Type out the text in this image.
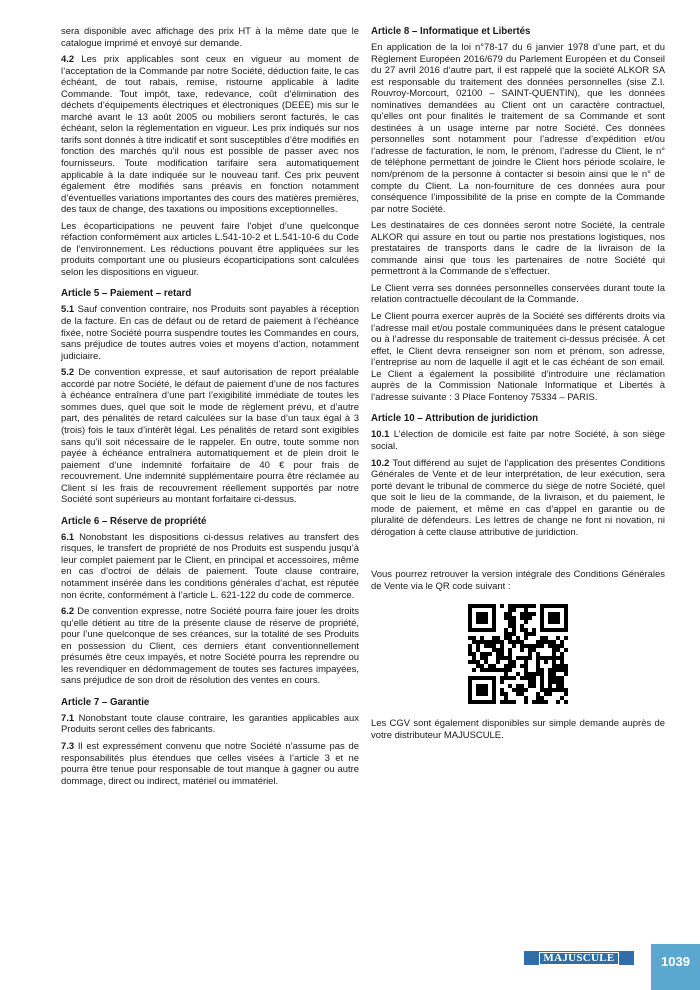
sera disponible avec affichage des prix HT à la même date que le catalogue imprimé et envoyé sur demande.

4.2 Les prix applicables sont ceux en vigueur au moment de l’acceptation de la Commande par notre Société, déduction faite, le cas échéant, de tout rabais, remise, ristourne applicable à ladite Commande. Tout impôt, taxe, redevance, coût d’élimination des déchets d’équipements électriques et électroniques (DEEE) mis sur le marché avant le 13 août 2005 ou mobiliers seront facturés, le cas échéant, selon la réglementation en vigueur. Les prix indiqués sur nos tarifs sont donnés à titre indicatif et sont susceptibles d’être modifiés en fonction des marchés qu’il nous est possible de passer avec nos fournisseurs. Toute modification tarifaire sera automatiquement applicable à la date indiquée sur le nouveau tarif. Ces prix peuvent également être modifiés sans préavis en fonction notamment d’éventuelles variations importantes des cours des matières premières, des taux de change, des taxations ou impositions exceptionnelles.

Les écoparticipations ne peuvent faire l’objet d’une quelconque réfaction conformément aux articles L.541-10-2 et L.541-10-6 du Code de l’environnement. Les réductions pouvant être appliquées sur les produits comportant une ou plusieurs écoparticipations sont calculées selon les dispositions en vigueur.

Article 5 – Paiement – retard

5.1 Sauf convention contraire, nos Produits sont payables à réception de la facture. En cas de défaut ou de retard de paiement à l’échéance fixée, notre Société pourra suspendre toutes les Commandes en cours, sans préjudice de toutes autres voies et moyens d’action, notamment judiciaire.

5.2 De convention expresse, et sauf autorisation de report préalable accordé par notre Société, le défaut de paiement d’une de nos factures à échéance entraînera d’une part l’exigibilité immédiate de toutes les sommes dues, quel que soit le mode de règlement prévu, et d’autre part, des pénalités de retard calculées sur la base d’un taux égal à 3 (trois) fois le taux d’intérêt légal. Les pénalités de retard sont exigibles sans qu’il soit nécessaire de le rappeler. En outre, toute somme non payée à échéance entraînera automatiquement et de plein droit le paiement d’une indemnité forfaitaire de 40 € pour frais de recouvrement. Une indemnité supplémentaire pourra être réclamée au Client si les frais de recouvrement réellement supportés par notre Société sont supérieurs au montant forfaitaire ci-dessus.

Article 6 – Réserve de propriété

6.1 Nonobstant les dispositions ci-dessus relatives au transfert des risques, le transfert de propriété de nos Produits est suspendu jusqu’à leur complet paiement par le Client, en principal et accessoires, même en cas d’octroi de délais de paiement. Toute clause contraire, notamment insérée dans les conditions générales d’achat, est réputée non écrite, conformément à l’article L. 621-122 du code de commerce.

6.2 De convention expresse, notre Société pourra faire jouer les droits qu’elle détient au titre de la présente clause de réserve de propriété, pour l’une quelconque de ses créances, sur la totalité de ses Produits en possession du Client, ces derniers étant conventionnellement présumés être ceux impayés, et notre Société pourra les reprendre ou les revendiquer en dédommagement de toutes ses factures impayées, sans préjudice de son droit de résolution des ventes en cours.

Article 7 – Garantie

7.1 Nonobstant toute clause contraire, les garanties applicables aux Produits seront celles des fabricants.

7.3 Il est expressément convenu que notre Société n’assume pas de responsabilités plus étendues que celles visées à l’article 3 et ne pourra être tenue pour responsable de tout manque à gagner ou autre dommage, direct ou indirect, matériel ou immatériel.

Article 8 – Informatique et Libertés

En application de la loi n°78-17 du 6 janvier 1978 d’une part, et du Règlement Européen 2016/679 du Parlement Européen et du Conseil du 27 avril 2016 d’autre part, il est rappelé que la société ALKOR SA est responsable du traitement des données personnelles (sise Z.I. Rouvroy-Morcourt, 02100 – SAINT-QUENTIN), que les données nominatives demandées au Client ont un caractère contractuel, qu’elles ont pour finalités le traitement de sa Commande et sont destinées à un usage interne par notre Société. Ces données personnelles sont notamment pour l’adresse d’expédition et/ou l’adresse de facturation, le nom, le prénom, l’adresse du Client, le n° de téléphone permettant de joindre le Client hors période scolaire, le nom/prénom de la personne à contacter si besoin ainsi que le n° de compte du Client. La non-fourniture de ces données aura pour conséquence l’impossibilité de la prise en compte de la Commande par notre Société.

Les destinataires de ces données seront notre Société, la centrale ALKOR qui assure en tout ou partie nos prestations logistiques, nos prestataires de transports dans le cadre de la livraison de la commande ainsi que tous les partenaires de notre Société qui permettront à la Commande de s’effectuer.

Le Client verra ses données personnelles conservées durant toute la relation contractuelle découlant de la Commande.

Le Client pourra exercer auprès de la Société ses différents droits via l’adresse mail et/ou postale communiquées dans le présent catalogue ou à l’adresse du responsable de traitement ci-dessus précisée. À cet effet, le Client devra renseigner son nom et prénom, son adresse, l’entreprise au nom de laquelle il agit et le cas échéant de son email. Le Client a également la possibilité d’introduire une réclamation auprès de la Commission Nationale Informatique et Libertés à l’adresse suivante : 3 Place Fontenoy 75334 – PARIS.

Article 10 – Attribution de juridiction

10.1 L’élection de domicile est faite par notre Société, à son siège social.

10.2 Tout différend au sujet de l’application des présentes Conditions Générales de Vente et de leur interprétation, de leur exécution, sera porté devant le tribunal de commerce du siège de notre Société, quel que soit le lieu de la commande, de la livraison, et du paiement, le mode de paiement, et même en cas d’appel en garantie ou de pluralité de défendeurs. Les lettres de change ne font ni novation, ni dérogation à cette clause attributive de juridiction.

Vous pourrez retrouver la version intégrale des Conditions Générales de Vente via le QR code suivant :

Les CGV sont également disponibles sur simple demande auprès de votre distributeur MAJUSCULE.

MAJUSCULE	1039
